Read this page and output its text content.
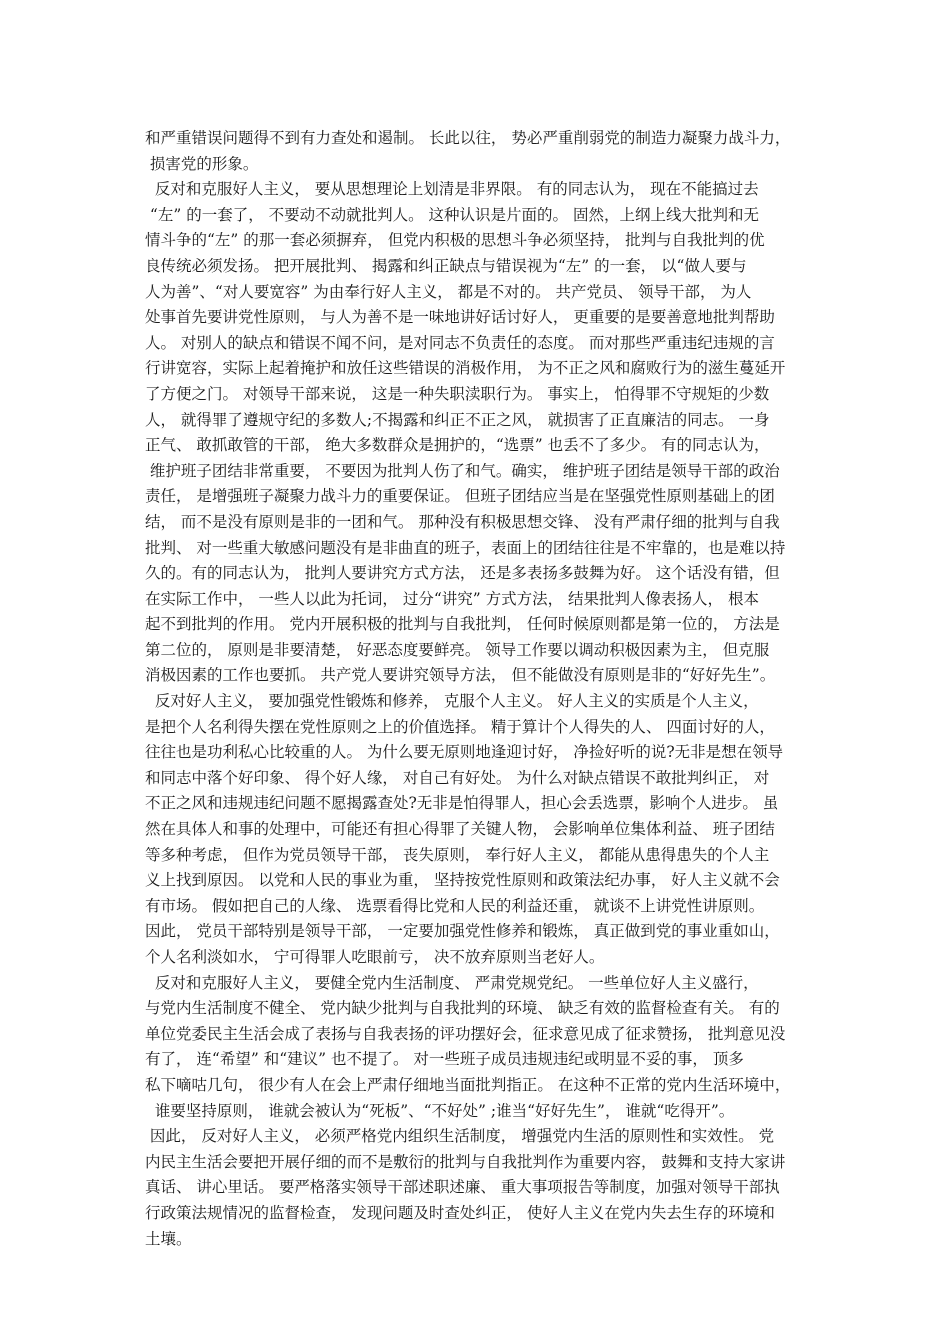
和严重错误问题得不到有力查处和遏制。 长此以往， 势必严重削弱党的制造力凝聚力战斗力，
损害党的形象。
反对和克服好人主义， 要从思想理论上划清是非界限。 有的同志认为， 现在不能搞过去
“左” 的一套了， 不要动不动就批判人。 这种认识是片面的。 固然，上纲上线大批判和无
情斗争的“左” 的那一套必须摒弃， 但党内积极的思想斗争必须坚持， 批判与自我批判的优
良传统必须发扬。 把开展批判、 揭露和纠正缺点与错误视为“左” 的一套， 以“做人要与
人为善”、“对人要宽容” 为由奉行好人主义， 都是不对的。 共产党员、 领导干部， 为人
处事首先要讲党性原则， 与人为善不是一味地讲好话讨好人， 更重要的是要善意地批判帮助
人。 对别人的缺点和错误不闻不问，是对同志不负责任的态度。 而对那些严重违纪违规的言
行讲宽容，实际上起着掩护和放任这些错误的消极作用， 为不正之风和腐败行为的滋生蔓延开
了方便之门。 对领导干部来说， 这是一种失职渎职行为。 事实上， 怕得罪不守规矩的少数
人， 就得罪了遵规守纪的多数人;不揭露和纠正不正之风， 就损害了正直廉洁的同志。 一身
正气、 敢抓敢管的干部， 绝大多数群众是拥护的，“选票” 也丢不了多少。 有的同志认为，
维护班子团结非常重要， 不要因为批判人伤了和气。确实， 维护班子团结是领导干部的政治
责任， 是增强班子凝聚力战斗力的重要保证。 但班子团结应当是在坚强党性原则基础上的团
结， 而不是没有原则是非的一团和气。 那种没有积极思想交锋、 没有严肃仔细的批判与自我
批判、 对一些重大敏感问题没有是非曲直的班子，表面上的团结往往是不牢靠的，也是难以持
久的。有的同志认为， 批判人要讲究方式方法， 还是多表扬多鼓舞为好。 这个话没有错，但
在实际工作中， 一些人以此为托词， 过分“讲究” 方式方法， 结果批判人像表扬人， 根本
起不到批判的作用。 党内开展积极的批判与自我批判， 任何时候原则都是第一位的， 方法是
第二位的， 原则是非要清楚， 好恶态度要鲜亮。 领导工作要以调动积极因素为主， 但克服
消极因素的工作也要抓。 共产党人要讲究领导方法， 但不能做没有原则是非的“好好先生”。
反对好人主义， 要加强党性锻炼和修养， 克服个人主义。 好人主义的实质是个人主义，
是把个人名利得失摆在党性原则之上的价值选择。 精于算计个人得失的人、 四面讨好的人，
往往也是功利私心比较重的人。 为什么要无原则地逢迎讨好， 净捡好听的说?无非是想在领导
和同志中落个好印象、 得个好人缘， 对自己有好处。 为什么对缺点错误不敢批判纠正， 对
不正之风和违规违纪问题不愿揭露查处?无非是怕得罪人，担心会丢选票，影响个人进步。 虽
然在具体人和事的处理中，可能还有担心得罪了关键人物， 会影响单位集体利益、 班子团结
等多种考虑， 但作为党员领导干部， 丧失原则， 奉行好人主义， 都能从患得患失的个人主
义上找到原因。 以党和人民的事业为重， 坚持按党性原则和政策法纪办事， 好人主义就不会
有市场。 假如把自己的人缘、 选票看得比党和人民的利益还重， 就谈不上讲党性讲原则。
因此， 党员干部特别是领导干部， 一定要加强党性修养和锻炼， 真正做到党的事业重如山，
个人名利淡如水， 宁可得罪人吃眼前亏， 决不放弃原则当老好人。
反对和克服好人主义， 要健全党内生活制度、 严肃党规党纪。 一些单位好人主义盛行，
与党内生活制度不健全、 党内缺少批判与自我批判的环境、 缺乏有效的监督检查有关。 有的
单位党委民主生活会成了表扬与自我表扬的评功摆好会，征求意见成了征求赞扬， 批判意见没
有了， 连“希望” 和“建议” 也不提了。 对一些班子成员违规违纪或明显不妥的事， 顶多
私下嘀咕几句， 很少有人在会上严肃仔细地当面批判指正。 在这种不正常的党内生活环境中，
谁要坚持原则， 谁就会被认为“死板”、“不好处” ;谁当“好好先生”， 谁就“吃得开”。
因此， 反对好人主义， 必须严格党内组织生活制度， 增强党内生活的原则性和实效性。 党
内民主生活会要把开展仔细的而不是敷衍的批判与自我批判作为重要内容， 鼓舞和支持大家讲
真话、 讲心里话。 要严格落实领导干部述职述廉、 重大事项报告等制度，加强对领导干部执
行政策法规情况的监督检查， 发现问题及时查处纠正， 使好人主义在党内失去生存的环境和
土壤。
